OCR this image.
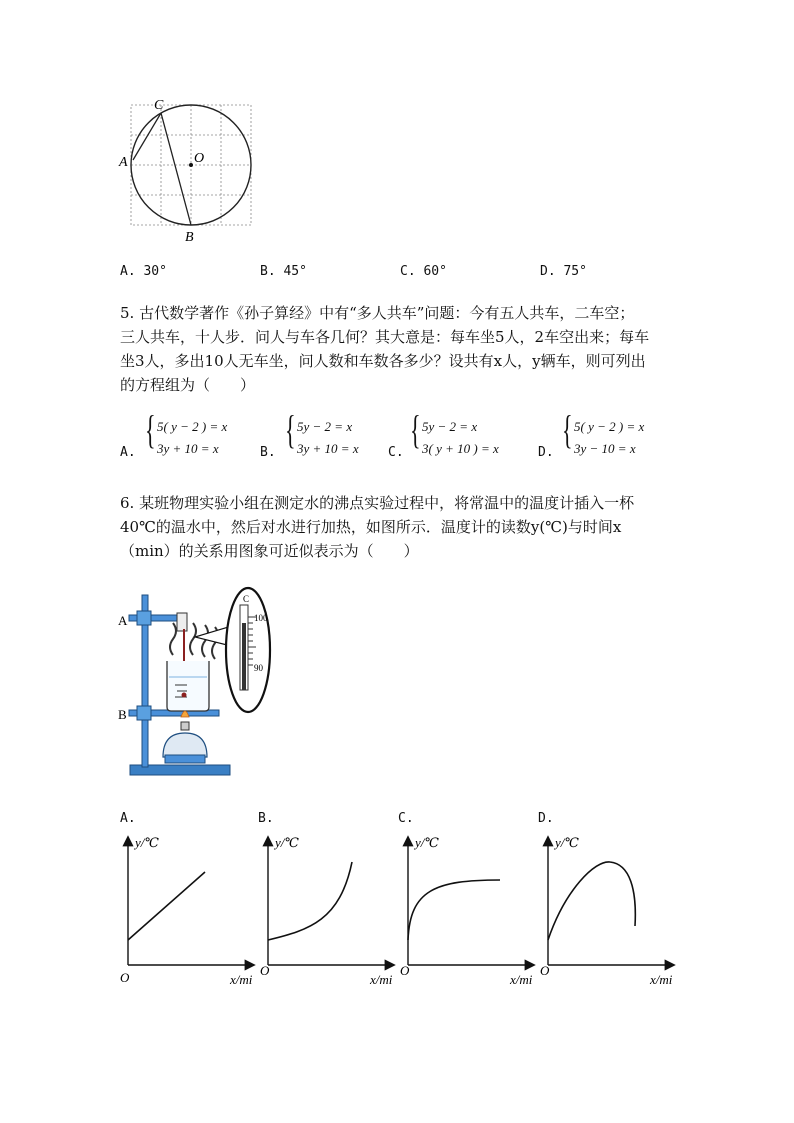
C
O
A
B
A. 30°	B. 45°	C. 60°	D. 75°
5. 古代数学著作《孙子算经》中有“多人共车”问题：今有五人共车，二车空；
三人共车，十人步．问人与车各几何？其大意是：每车坐5人，2车空出来；每车
坐3人，多出10人无车坐，问人数和车数各多少？设共有x人，y辆车，则可列出
的方程组为（　　）
A.
{ 5( y − 2 ) = x
3y + 10 = x	B.
{ 5y − 2 = x
3y + 10 = x C.
{ 5y − 2 = x
3( y + 10 ) = x	D.
{ 5( y − 2 ) = x
3y − 10 = x
6. 某班物理实验小组在测定水的沸点实验过程中，将常温中的温度计插入一杯
40℃的温水中，然后对水进行加热，如图所示．温度计的读数y(℃)与时间x
（min）的关系用图象可近似表示为（　　）
C
100
90
A
B
A.	B.	C.	D.
y/℃
O	x/mi
y/℃
O
x/mi
y/℃
O
x/mi
y/℃
O
x/mi
